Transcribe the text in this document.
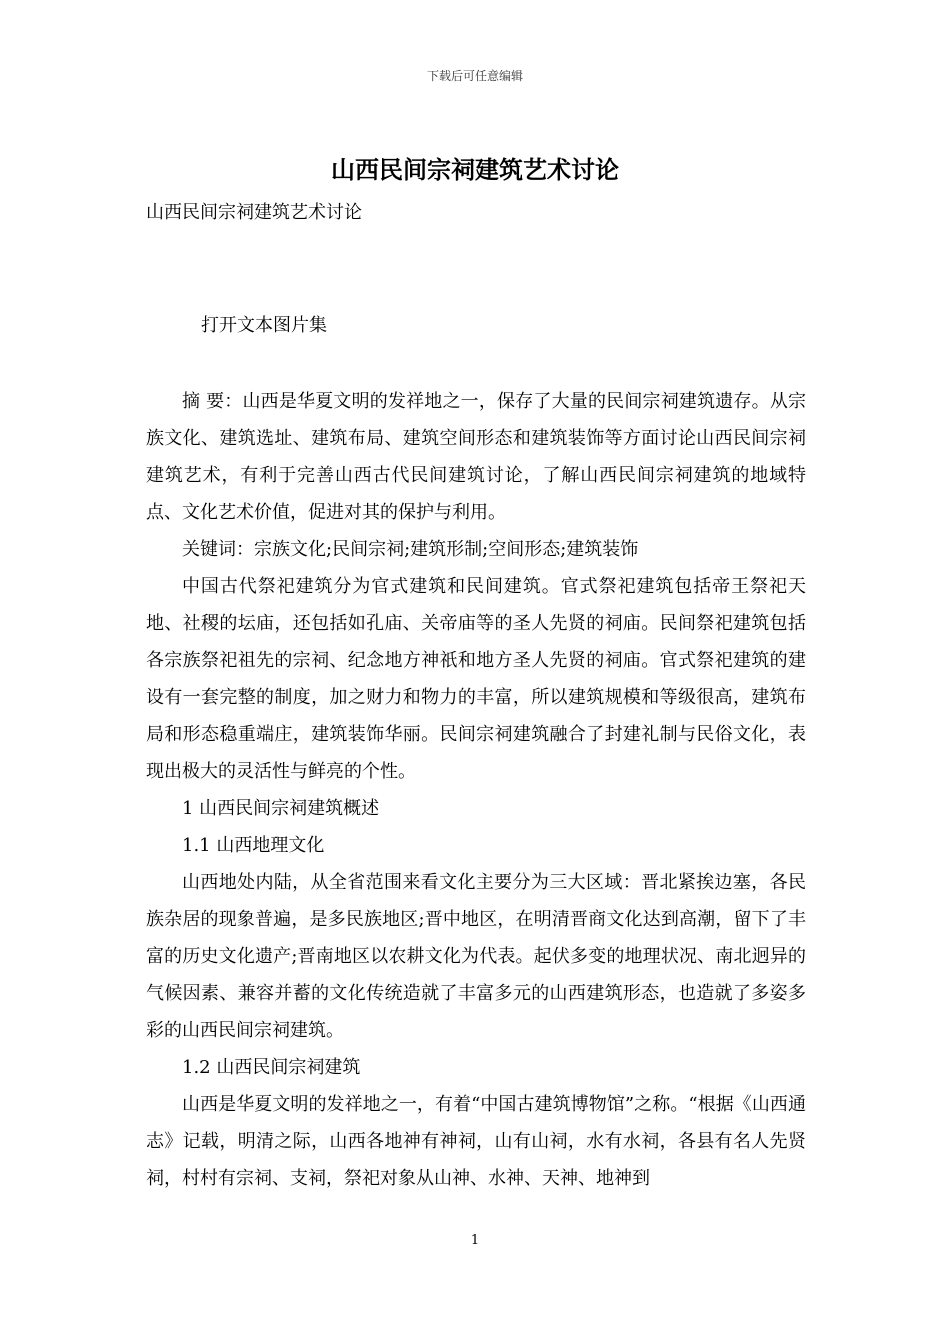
下载后可任意编辑
山西民间宗祠建筑艺术讨论
山西民间宗祠建筑艺术讨论
打开文本图片集

摘 要：山西是华夏文明的发祥地之一，保存了大量的民间宗祠建筑遗存。从宗族文化、建筑选址、建筑布局、建筑空间形态和建筑装饰等方面讨论山西民间宗祠建筑艺术，有利于完善山西古代民间建筑讨论，了解山西民间宗祠建筑的地域特点、文化艺术价值，促进对其的保护与利用。

关键词：宗族文化;民间宗祠;建筑形制;空间形态;建筑装饰

中国古代祭祀建筑分为官式建筑和民间建筑。官式祭祀建筑包括帝王祭祀天地、社稷的坛庙，还包括如孔庙、关帝庙等的圣人先贤的祠庙。民间祭祀建筑包括各宗族祭祀祖先的宗祠、纪念地方神祇和地方圣人先贤的祠庙。官式祭祀建筑的建设有一套完整的制度，加之财力和物力的丰富，所以建筑规模和等级很高，建筑布局和形态稳重端庄，建筑装饰华丽。民间宗祠建筑融合了封建礼制与民俗文化，表现出极大的灵活性与鲜亮的个性。

1 山西民间宗祠建筑概述

1.1 山西地理文化

山西地处内陆，从全省范围来看文化主要分为三大区域：晋北紧挨边塞，各民族杂居的现象普遍，是多民族地区;晋中地区，在明清晋商文化达到高潮，留下了丰富的历史文化遗产;晋南地区以农耕文化为代表。起伏多变的地理状况、南北迥异的气候因素、兼容并蓄的文化传统造就了丰富多元的山西建筑形态，也造就了多姿多彩的山西民间宗祠建筑。

1.2 山西民间宗祠建筑

山西是华夏文明的发祥地之一，有着“中国古建筑博物馆”之称。“根据《山西通志》记载，明清之际，山西各地神有神祠，山有山祠，水有水祠，各县有名人先贤祠，村村有宗祠、支祠，祭祀对象从山神、水神、天神、地神到

1
